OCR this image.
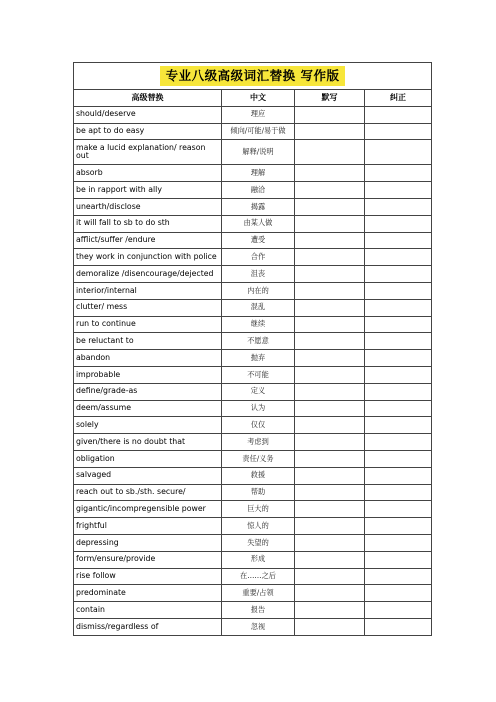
专业八级高级词汇替换 写作版			
高级替换	中文	默写	纠正
should/deserve	理应		
be apt to do easy	倾向/可能/易于做		
make a lucid explanation/ reason out	解释/说明		
absorb	理解		
be in rapport with ally	融洽		
unearth/disclose	揭露		
it will fall to sb to do sth	由某人做		
afflict/suffer /endure	遭受		
they work in conjunction with police	合作		
demoralize /disencourage/dejected	沮丧		
interior/internal	内在的		
clutter/ mess	混乱		
run to continue	继续		
be reluctant to	不愿意		
abandon	抛弃		
improbable	不可能		
define/grade-as	定义		
deem/assume	认为		
solely	仅仅		
given/there is no doubt that	考虑到		
obligation	责任/义务		
salvaged	救援		
reach out to sb./sth. secure/	帮助		
gigantic/incompregensible power	巨大的		
frightful	惊人的		
depressing	失望的		
form/ensure/provide	形成		
rise follow	在……之后		
predominate	重要/占领		
contain	报告		
dismiss/regardless of	忽视		
